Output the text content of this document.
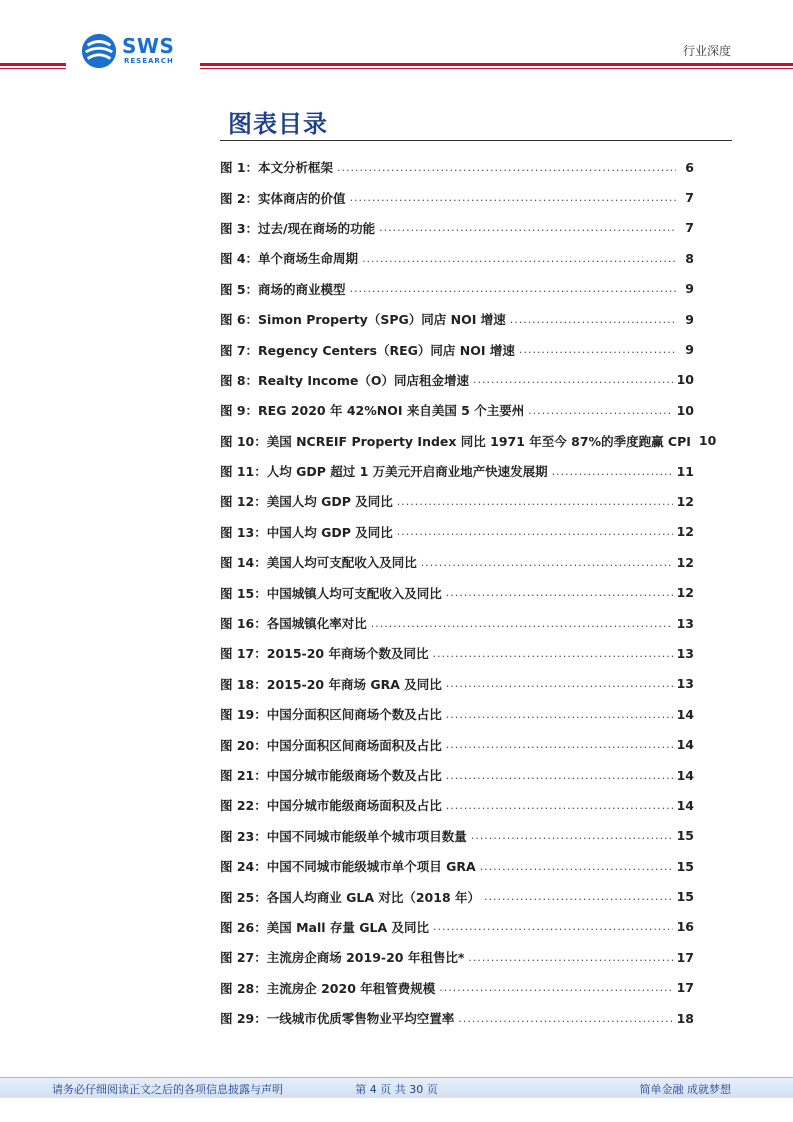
SWS
RESEARCH
行业深度
图表目录
图 1：本文分析框架 .....	6
图 2：实体商店的价值 .....	7
图 3：过去/现在商场的功能 .....	7
图 4：单个商场生命周期 .....	8
图 5：商场的商业模型 .....	9
图 6：Simon Property（SPG）同店 NOI 增速 .....	9
图 7：Regency Centers（REG）同店 NOI 增速 .....	9
图 8：Realty Income（O）同店租金增速 .....	10
图 9：REG 2020 年 42%NOI 来自美国 5 个主要州 .....	10
图 10：美国 NCREIF Property Index 同比 1971 年至今 87%的季度跑赢 CPI 10
图 11：人均 GDP 超过 1 万美元开启商业地产快速发展期 .....	11
图 12：美国人均 GDP 及同比 .....	12
图 13：中国人均 GDP 及同比 .....	12
图 14：美国人均可支配收入及同比 .....	12
图 15：中国城镇人均可支配收入及同比 .....	12
图 16：各国城镇化率对比 .....	13
图 17：2015-20 年商场个数及同比 .....	13
图 18：2015-20 年商场 GRA 及同比 .....	13
图 19：中国分面积区间商场个数及占比 .....	14
图 20：中国分面积区间商场面积及占比 .....	14
图 21：中国分城市能级商场个数及占比 .....	14
图 22：中国分城市能级商场面积及占比 .....	14
图 23：中国不同城市能级单个城市项目数量 .....	15
图 24：中国不同城市能级城市单个项目 GRA .....	15
图 25：各国人均商业 GLA 对比（2018 年） .....	15
图 26：美国 Mall 存量 GLA 及同比 .....	16
图 27：主流房企商场 2019-20 年租售比* .....	17
图 28：主流房企 2020 年租管费规模 .....	17
图 29：一线城市优质零售物业平均空置率 .....	18
请务必仔细阅读正文之后的各项信息披露与声明	第 4 页 共 30 页	简单金融 成就梦想
